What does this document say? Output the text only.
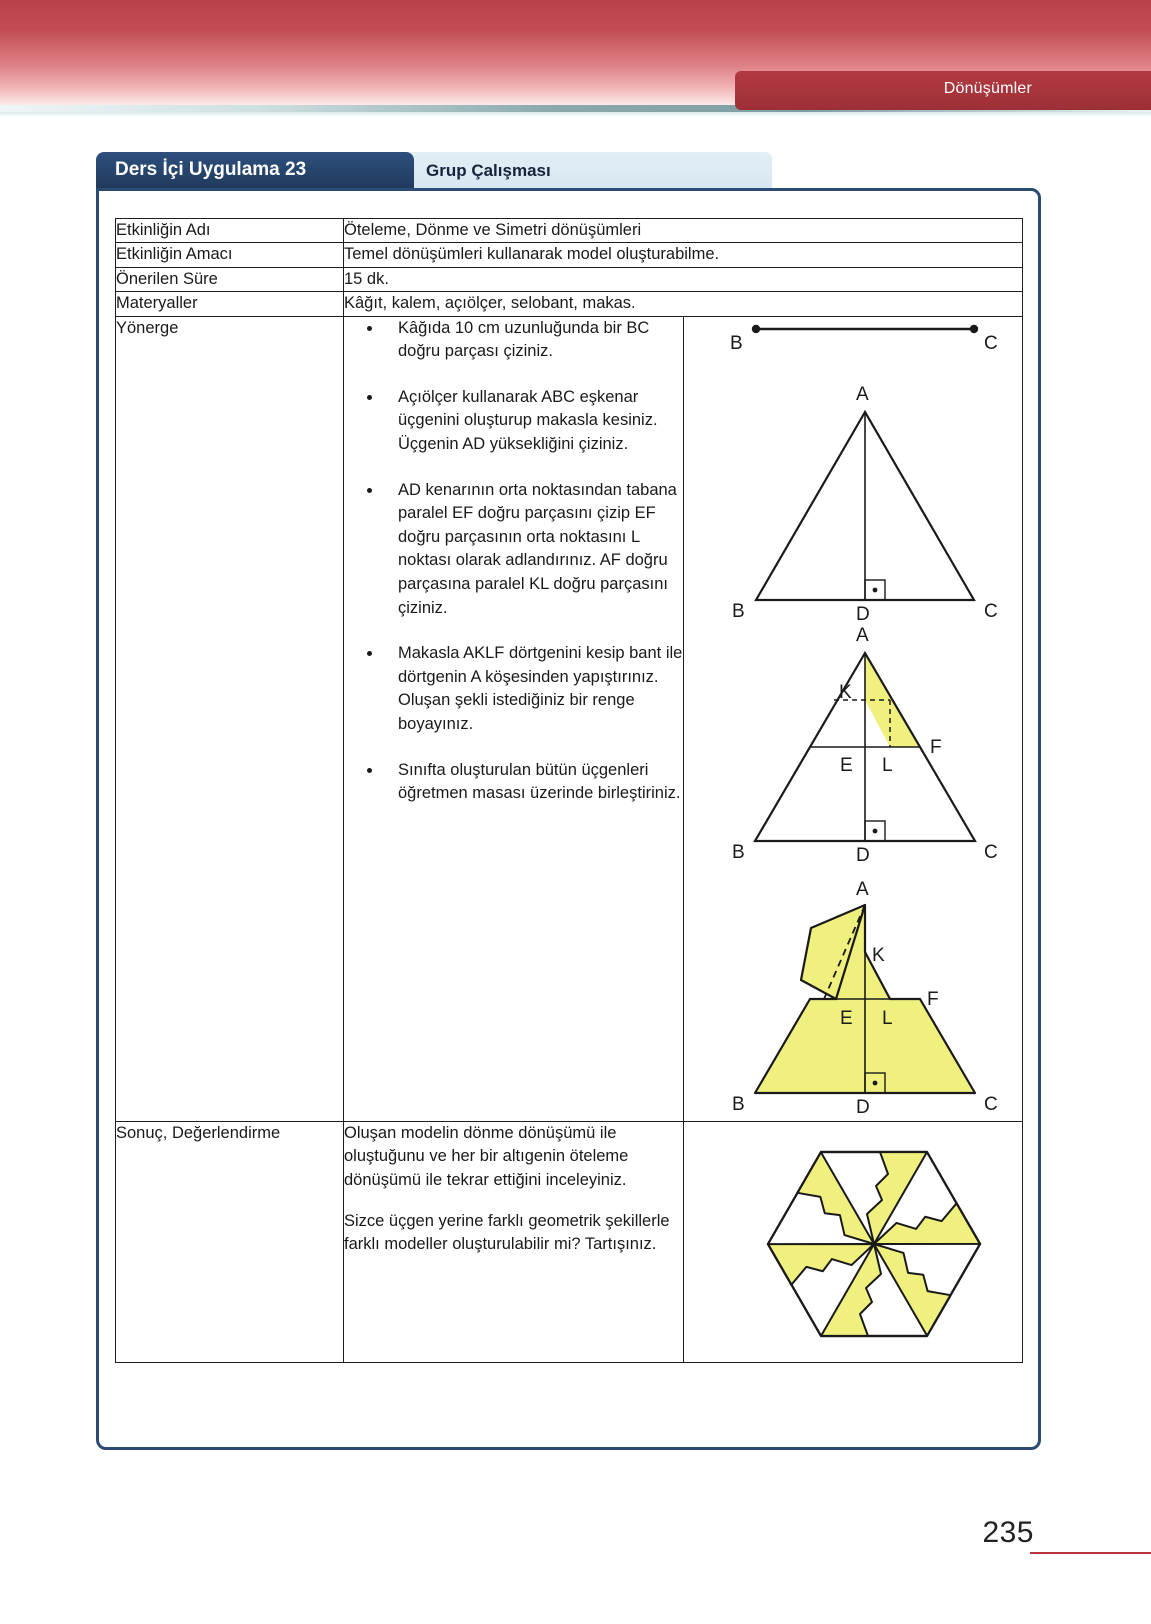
Dönüşümler
Ders İçi Uygulama 23	Grup Çalışması
Etkinliğin Adı	Öteleme, Dönme ve Simetri dönüşümleri	
Etkinliğin Amacı	Temel dönüşümleri kullanarak model oluşturabilme.	
Önerilen Süre	15 dk.	
Materyaller	Kâğıt, kalem, açıölçer, selobant, makas.	
Yönerge	Kâğıda 10 cm uzunluğunda bir BC doğru parçası çiziniz.
Açıölçer kullanarak ABC eşkenar üçgenini oluşturup makasla kesiniz. Üçgenin AD yüksekliğini çiziniz.
AD kenarının orta noktasından tabana paralel EF doğru parçasını çizip EF doğru parçasının orta noktasını L noktası olarak adlandırınız. AF doğru parçasına paralel KL doğru parçasını çiziniz.
Makasla AKLF dörtgenini kesip bant ile dörtgenin A köşesinden yapıştırınız. Oluşan şekli istediğiniz bir renge boyayınız.
Sınıfta oluşturulan bütün üçgenleri öğretmen masası üzerinde birleştiriniz.

B	C
A
B	D	C
A
K
E L
F
B	D	C
A
K
E L
F
B	D	C

Sonuç, Değerlendirme	Oluşan modelin dönme dönüşümü ile oluştuğunu ve her bir altıgenin öteleme dönüşümü ile tekrar ettiğini inceleyiniz.

Sizce üçgen yerine farklı geometrik şekillerle farklı modeller oluşturulabilir mi? Tartışınız.

235
